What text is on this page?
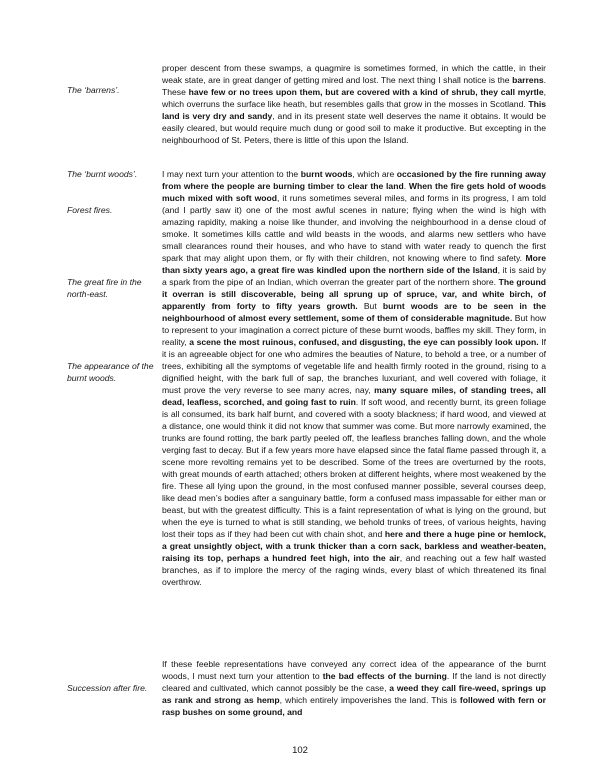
The ‘barrens’.
The ‘burnt woods’.
Forest fires.
The great fire in the north-east.
The appearance of the burnt woods.
Succession after fire.
proper descent from these swamps, a quagmire is sometimes formed, in which the cattle, in their weak state, are in great danger of getting mired and lost. The next thing I shall notice is the barrens. These have few or no trees upon them, but are covered with a kind of shrub, they call myrtle, which overruns the surface like heath, but resembles galls that grow in the mosses in Scotland. This land is very dry and sandy, and in its present state well deserves the name it obtains. It would be easily cleared, but would require much dung or good soil to make it productive. But excepting in the neighbourhood of St. Peters, there is little of this upon the Island.
I may next turn your attention to the burnt woods, which are occasioned by the fire running away from where the people are burning timber to clear the land. When the fire gets hold of woods much mixed with soft wood, it runs sometimes several miles, and forms in its progress, I am told (and I partly saw it) one of the most awful scenes in nature; flying when the wind is high with amazing rapidity, making a noise like thunder, and involving the neighbourhood in a dense cloud of smoke. It sometimes kills cattle and wild beasts in the woods, and alarms new settlers who have small clearances round their houses, and who have to stand with water ready to quench the first spark that may alight upon them, or fly with their children, not knowing where to find safety. More than sixty years ago, a great fire was kindled upon the northern side of the Island, it is said by a spark from the pipe of an Indian, which overran the greater part of the northern shore. The ground it overran is still discoverable, being all sprung up of spruce, var, and white birch, of apparently from forty to fifty years growth. But burnt woods are to be seen in the neighbourhood of almost every settlement, some of them of considerable magnitude. But how to represent to your imagination a correct picture of these burnt woods, baffles my skill. They form, in reality, a scene the most ruinous, confused, and disgusting, the eye can possibly look upon. If it is an agreeable object for one who admires the beauties of Nature, to behold a tree, or a number of trees, exhibiting all the symptoms of vegetable life and health firmly rooted in the ground, rising to a dignified height, with the bark full of sap, the branches luxuriant, and well covered with foliage, it must prove the very reverse to see many acres, nay, many square miles, of standing trees, all dead, leafless, scorched, and going fast to ruin. If soft wood, and recently burnt, its green foliage is all consumed, its bark half burnt, and covered with a sooty blackness; if hard wood, and viewed at a distance, one would think it did not know that summer was come. But more narrowly examined, the trunks are found rotting, the bark partly peeled off, the leafless branches falling down, and the whole verging fast to decay. But if a few years more have elapsed since the fatal flame passed through it, a scene more revolting remains yet to be described. Some of the trees are overturned by the roots, with great mounds of earth attached; others broken at different heights, where most weakened by the fire. These all lying upon the ground, in the most confused manner possible, several courses deep, like dead men’s bodies after a sanguinary battle, form a confused mass impassable for either man or beast, but with the greatest difficulty. This is a faint representation of what is lying on the ground, but when the eye is turned to what is still standing, we behold trunks of trees, of various heights, having lost their tops as if they had been cut with chain shot, and here and there a huge pine or hemlock, a great unsightly object, with a trunk thicker than a corn sack, barkless and weather-beaten, raising its top, perhaps a hundred feet high, into the air, and reaching out a few half wasted branches, as if to implore the mercy of the raging winds, every blast of which threatened its final overthrow.
If these feeble representations have conveyed any correct idea of the appearance of the burnt woods, I must next turn your attention to the bad effects of the burning. If the land is not directly cleared and cultivated, which cannot possibly be the case, a weed they call fire-weed, springs up as rank and strong as hemp, which entirely impoverishes the land. This is followed with fern or rasp bushes on some ground, and
102
